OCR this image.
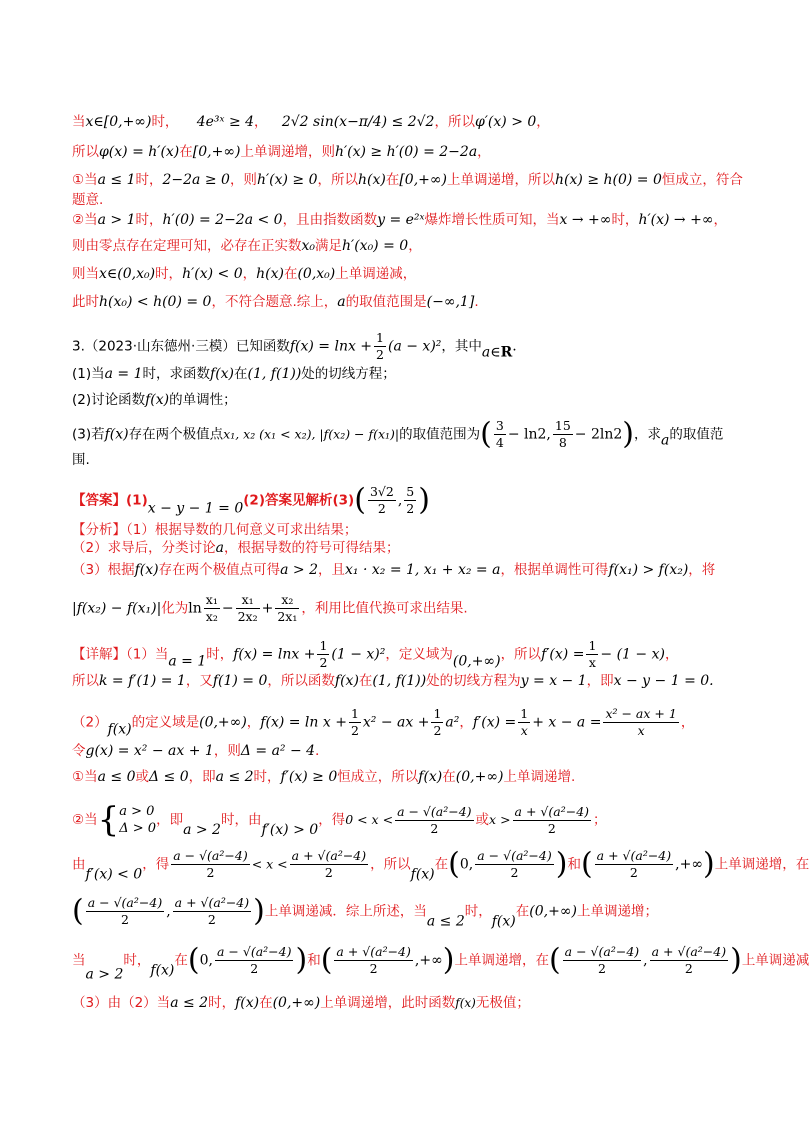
当x∈[0,+∞)时， 4e³ˣ ≥ 4， 2√2 sin(x−π/4) ≤ 2√2，所以φ′(x) > 0，
所以φ(x) = h′(x)在[0,+∞)上单调递增，则h′(x) ≥ h′(0) = 2−2a，
①当a ≤ 1时，2−2a ≥ 0，则h′(x) ≥ 0，所以h(x)在[0,+∞)上单调递增，所以h(x) ≥ h(0) = 0恒成立，符合
题意.
②当a > 1时，h′(0) = 2−2a < 0，且由指数函数y = e²ˣ爆炸增长性质可知，当x → +∞时，h′(x) → +∞，
则由零点存在定理可知，必存在正实数x₀满足h′(x₀) = 0，
则当x∈(0,x₀)时，h′(x) < 0，h(x)在(0,x₀)上单调递减，
此时h(x₀) < h(0) = 0，不符合题意.综上，a的取值范围是(−∞,1].
3.（2023·山东德州·三模）已知函数$f(x) = \ln x + \frac{1}{2} (a - x)^2$，其中a∈R.
(1)当a = 1时，求函数f(x)在(1, f(1))处的切线方程；
(2)讨论函数f(x)的单调性；
(3)若f(x)存在两个极值点x₁, x₂ (x₁ < x₂), |f(x₂) − f(x₁)|的取值范围为( $\frac{3}{4} - \ln 2$, $\frac{15}{8} - 2\ln 2$)，求a的取值范
围.
【答案】(1)x − y − 1 = 0(2)答案见解析$(3)( \frac{3√2}{2}$ , $\frac{5}{2}$ )
【分析】（1）根据导数的几何意义可求出结果；
（2）求导后，分类讨论a，根据导数的符号可得结果；
（3）根据f(x)存在两个极值点可得a > 2，且x₁ · x₂ = 1, x₁ + x₂ = a，根据单调性可得f(x₁) > f(x₂)，将
|f(x₂) − f(x₁)|化为$\ln \frac{\text{x₁}}{\text{x₂}} - \frac{\text{x₁}}{\text{2x₂}} + \frac{\text{x₂}}{\text{2x₁}}$ ，利用比值代换可求出结果.
【详解】（1）当a = 1时，$f(x) = \ln x + \frac{1}{2} (1 - x)^2$，定义域为(0,+∞)，所以$f'(x) = \frac{1}{x} - (1 - x)$，
所以k = f′(1) = 1，又f(1) = 0，所以函数f(x)在(1, f(1))处的切线方程为y = x − 1，即x − y − 1 = 0.
（2）f(x)的定义域是(0,+∞)，$f(x) = \ln x + \frac{1}{2} x^2$ − ax + $\frac{1}{2} a^2$，$f'(x) = \frac{1}{x} + x - a = \frac{\text{x² − ax + 1}}{x}$ ，
令g(x) = x² − ax + 1，则Δ = a² − 4．
①当a ≤ 0或Δ ≤ 0，即a ≤ 2时，f′(x) ≥ 0恒成立，所以f(x)在(0,+∞)上单调递增.
②当{ a > 0
Δ > 0
，即a > 2时，由f′(x) > 0，得$0 < x < \frac{\text{a − √(a²−4)}}{2}$ 或$x > \frac{\text{a + √(a²−4)}}{2}$ ；
由f′(x) < 0，得 $\frac{\text{a − √(a²−4)}}{2} < x < \frac{\text{a + √(a²−4)}}{2}$ ，所以f(x)在(0, $\frac{\text{a − √(a²−4)}}{2}$ )和( $\frac{\text{a + √(a²−4)}}{2}$ ,+∞)上单调递增，在
( $\frac{\text{a − √(a²−4)}}{2}$ , $\frac{\text{a + √(a²−4)}}{2}$ )上单调递减．综上所述，当a ≤ 2时，f(x)在(0,+∞)上单调递增；
当a > 2时，f(x)在(0, $\frac{\text{a − √(a²−4)}}{2}$ )和( $\frac{\text{a + √(a²−4)}}{2}$ ,+∞)上单调递增，在( $\frac{\text{a − √(a²−4)}}{2}$ , $\frac{\text{a + √(a²−4)}}{2}$ )上单调递减
（3）由（2）当a ≤ 2时，f(x)在(0,+∞)上单调递增，此时函数f(x)无极值；
